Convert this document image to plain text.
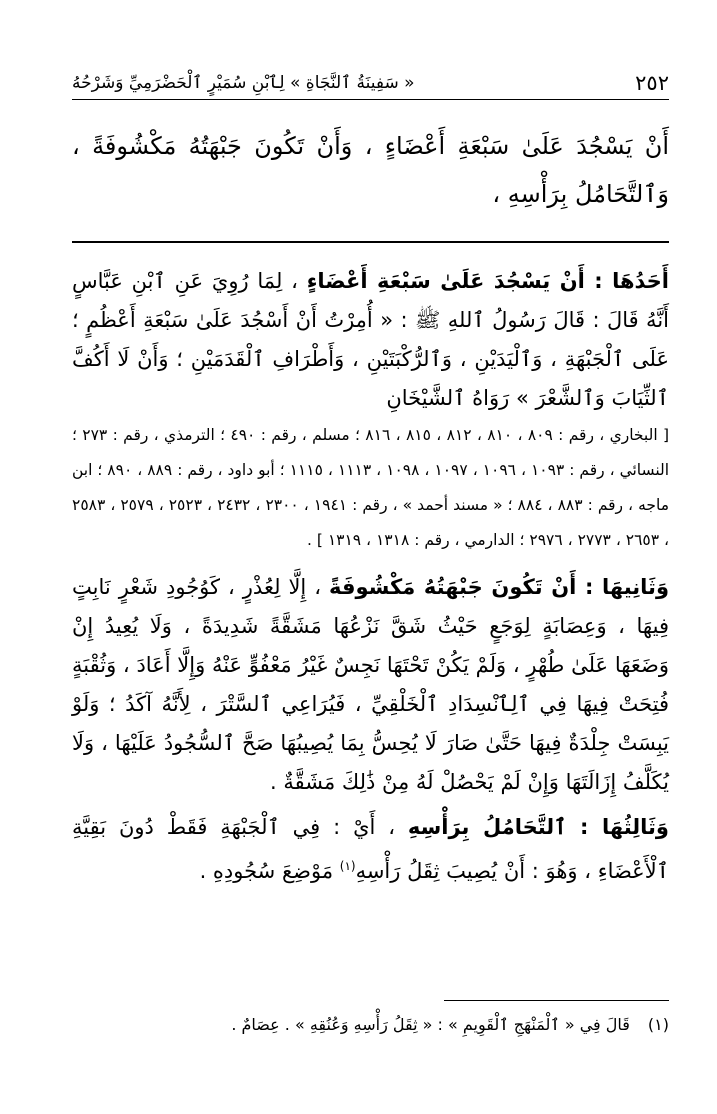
٢٥٢
« سَفِينَةُ ٱلنَّجَاةِ » لِٱبْنِ سُمَيْرٍ ٱلْحَضْرَمِيِّ وَشَرْحُهُ
أَنْ يَسْجُدَ عَلَىٰ سَبْعَةِ أَعْضَاءٍ ، وَأَنْ تَكُونَ جَبْهَتُهُ مَكْشُوفَةً ، وَٱلتَّحَامُلُ بِرَأْسِهِ ،

أَحَدُهَا : أَنْ يَسْجُدَ عَلَىٰ سَبْعَةِ أَعْضَاءٍ ، لِمَا رُوِيَ عَنِ ٱبْنِ عَبَّاسٍ أَنَّهُ قَالَ : قَالَ رَسُولُ ٱللهِ ﷺ : « أُمِرْتُ أَنْ أَسْجُدَ عَلَىٰ سَبْعَةِ أَعْظُمٍ ؛ عَلَى ٱلْجَبْهَةِ ، وَٱلْيَدَيْنِ ، وَٱلرُّكْبَتَيْنِ ، وَأَطْرَافِ ٱلْقَدَمَيْنِ ؛ وَأَنْ لَا أَكُفَّ ٱلثِّيَابَ وَٱلشَّعْرَ » رَوَاهُ ٱلشَّيْخَانِ

[ البخاري ، رقم : ٨٠٩ ، ٨١٠ ، ٨١٢ ، ٨١٥ ، ٨١٦ ؛ مسلم ، رقم : ٤٩٠ ؛ الترمذي ، رقم : ٢٧٣ ؛ النسائي ، رقم : ١٠٩٣ ، ١٠٩٦ ، ١٠٩٧ ، ١٠٩٨ ، ١١١٣ ، ١١١٥ ؛ أبو داود ، رقم : ٨٨٩ ، ٨٩٠ ؛ ابن ماجه ، رقم : ٨٨٣ ، ٨٨٤ ؛ « مسند أحمد » ، رقم : ١٩٤١ ، ٢٣٠٠ ، ٢٤٣٢ ، ٢٥٢٣ ، ٢٥٧٩ ، ٢٥٨٣ ، ٢٦٥٣ ، ٢٧٧٣ ، ٢٩٧٦ ؛ الدارمي ، رقم : ١٣١٨ ، ١٣١٩ ] .

وَثَانِيهَا : أَنْ تَكُونَ جَبْهَتُهُ مَكْشُوفَةً ، إِلَّا لِعُذْرٍ ، كَوُجُودِ شَعْرٍ نَابِتٍ فِيهَا ، وَعِصَابَةٍ لِوَجَعٍ حَيْثُ شَقَّ نَزْعُهَا مَشَقَّةً شَدِيدَةً ، وَلَا يُعِيدُ إِنْ وَضَعَهَا عَلَىٰ طُهْرٍ ، وَلَمْ يَكُنْ تَحْتَهَا نَجِسٌ غَيْرُ مَعْفُوٍّ عَنْهُ وَإِلَّا أَعَادَ ، وَثُقْبَةٍ فُتِحَتْ فِيهَا فِي ٱلِٱنْسِدَادِ ٱلْخَلْقِيِّ ، فَيُرَاعِي ٱلسَّتْرَ ، لِأَنَّهُ آكَدُ ؛ وَلَوْ يَبِسَتْ جِلْدَةٌ فِيهَا حَتَّىٰ صَارَ لَا يُحِسُّ بِمَا يُصِيبُهَا صَحَّ ٱلسُّجُودُ عَلَيْهَا ، وَلَا يُكَلَّفُ إِزَالَتَهَا وَإِنْ لَمْ يَحْصُلْ لَهُ مِنْ ذَٰلِكَ مَشَقَّةٌ .

وَثَالِثُهَا : ٱلتَّحَامُلُ بِرَأْسِهِ ، أَيْ : فِي ٱلْجَبْهَةِ فَقَطْ دُونَ بَقِيَّةِ ٱلْأَعْضَاءِ ، وَهُوَ : أَنْ يُصِيبَ ثِقَلُ رَأْسِهِ$^{(١)}$ مَوْضِعَ سُجُودِهِ .

(١)
قَالَ فِي « ٱلْمَنْهَجِ ٱلْقَوِيمِ » : « ثِقَلُ رَأْسِهِ وَعُنُقِهِ » . عِصَامٌ .
